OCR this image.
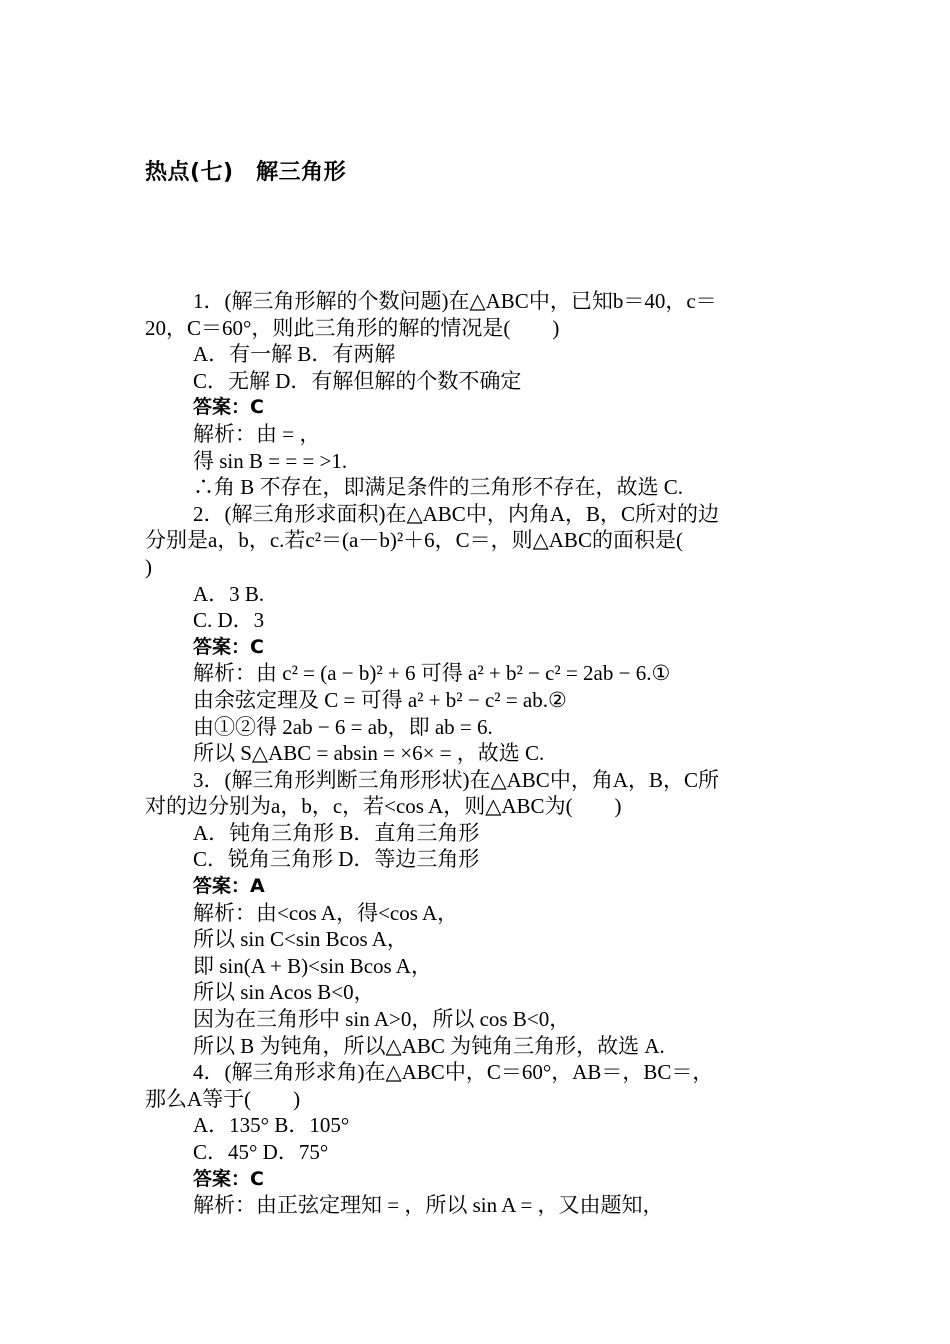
热点(七)　解三角形
1．(解三角形解的个数问题)在△ABC中，已知b＝40，c＝
20，C＝60°，则此三角形的解的情况是(　　)
A．有一解 B．有两解
C．无解 D．有解但解的个数不确定
答案：C
解析：由 = ，
得 sin B = = = >1.
∴角 B 不存在，即满足条件的三角形不存在，故选 C.
2．(解三角形求面积)在△ABC中，内角A，B，C所对的边
分别是a，b，c.若c²＝(a－b)²＋6，C＝，则△ABC的面积是(
)
A．3 B.
C. D．3
答案：C
解析：由 c² = (a − b)² + 6 可得 a² + b² − c² = 2ab − 6.①
由余弦定理及 C = 可得 a² + b² − c² = ab.②
由①②得 2ab − 6 = ab，即 ab = 6.
所以 S△ABC = absin = ×6× = ，故选 C.
3．(解三角形判断三角形形状)在△ABC中，角A，B，C所
对的边分别为a，b，c，若<cos A，则△ABC为(　　)
A．钝角三角形 B．直角三角形
C．锐角三角形 D．等边三角形
答案：A
解析：由<cos A，得<cos A，
所以 sin C<sin Bcos A，
即 sin(A + B)<sin Bcos A，
所以 sin Acos B<0，
因为在三角形中 sin A>0，所以 cos B<0，
所以 B 为钝角，所以△ABC 为钝角三角形，故选 A.
4．(解三角形求角)在△ABC中，C＝60°，AB＝，BC＝，
那么A等于(　　)
A．135° B．105°
C．45° D．75°
答案：C
解析：由正弦定理知 = ，所以 sin A = ，又由题知，
